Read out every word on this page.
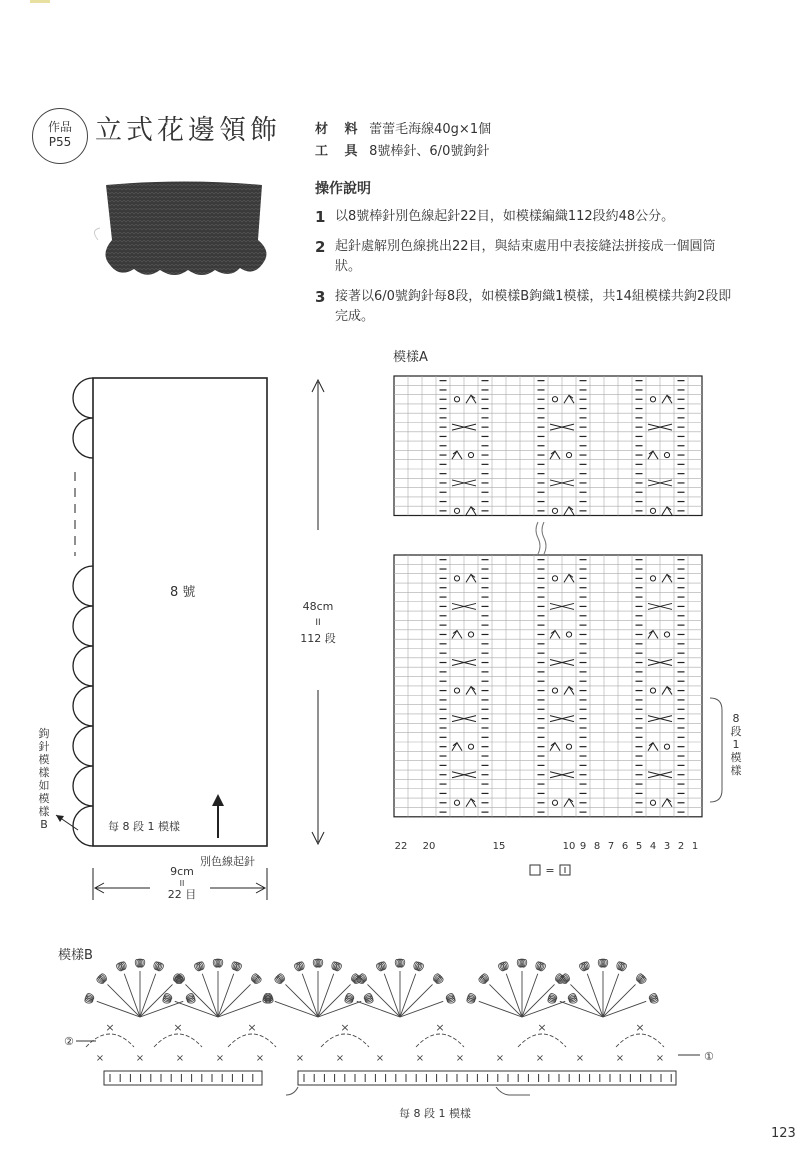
作品
P55 立式花邊領飾	材 料 蕾蕾毛海線40g×1個
工 具 8號棒針、6/0號鉤針
操作說明
1 以8號棒針別色線起針22目，如模樣編織112段約48公分。
2 起針處解別色線挑出22目，與結束處用中表接縫法拼接成一個圓筒狀。
3 接著以6/0號鉤針每8段，如模樣B鉤織1模樣，共14組模樣共鉤2段即完成。
模樣A
8 號
48cm
II
112 段
別色線起針
每 8 段 1 模樣
鉤
針
模
樣
如
模
樣
B
9cm
II
22 目
8
段
1
模
樣
22 20	15	10 9 8 7 6 5 4 3 2 1
=
模樣B
×	×	×	×	×	×	×
×	×	×	×	×	×	×	×	×	×	×	×	×	×	×
②
①
每 8 段 1 模樣
123
